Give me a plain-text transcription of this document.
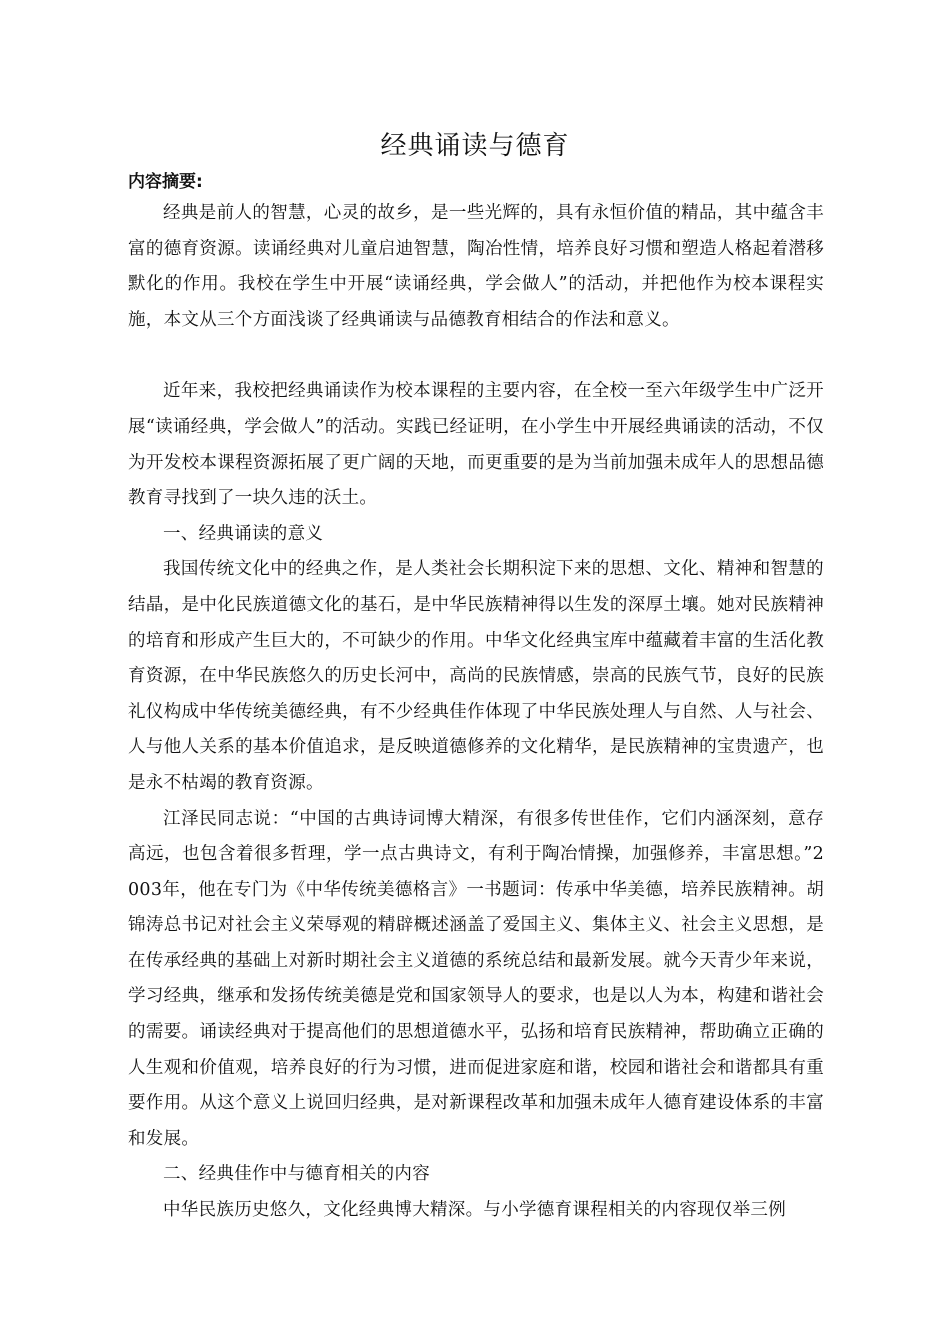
经典诵读与德育
内容摘要:

经典是前人的智慧，心灵的故乡，是一些光辉的，具有永恒价值的精品，其中蕴含丰富的德育资源。读诵经典对儿童启迪智慧，陶冶性情，培养良好习惯和塑造人格起着潜移默化的作用。我校在学生中开展“读诵经典，学会做人”的活动，并把他作为校本课程实施，本文从三个方面浅谈了经典诵读与品德教育相结合的作法和意义。

近年来，我校把经典诵读作为校本课程的主要内容，在全校一至六年级学生中广泛开展“读诵经典，学会做人”的活动。实践已经证明，在小学生中开展经典诵读的活动，不仅为开发校本课程资源拓展了更广阔的天地，而更重要的是为当前加强未成年人的思想品德教育寻找到了一块久违的沃土。

一、经典诵读的意义

我国传统文化中的经典之作，是人类社会长期积淀下来的思想、文化、精神和智慧的结晶，是中化民族道德文化的基石，是中华民族精神得以生发的深厚土壤。她对民族精神的培育和形成产生巨大的，不可缺少的作用。中华文化经典宝库中蕴藏着丰富的生活化教育资源，在中华民族悠久的历史长河中，高尚的民族情感，崇高的民族气节，良好的民族礼仪构成中华传统美德经典，有不少经典佳作体现了中华民族处理人与自然、人与社会、人与他人关系的基本价值追求，是反映道德修养的文化精华，是民族精神的宝贵遗产，也是永不枯竭的教育资源。

江泽民同志说：“中国的古典诗词博大精深，有很多传世佳作，它们内涵深刻，意存高远，也包含着很多哲理，学一点古典诗文，有利于陶冶情操，加强修养，丰富思想。”2003年，他在专门为《中华传统美德格言》一书题词：传承中华美德，培养民族精神。胡锦涛总书记对社会主义荣辱观的精辟概述涵盖了爱国主义、集体主义、社会主义思想，是在传承经典的基础上对新时期社会主义道德的系统总结和最新发展。就今天青少年来说，学习经典，继承和发扬传统美德是党和国家领导人的要求，也是以人为本，构建和谐社会的需要。诵读经典对于提高他们的思想道德水平，弘扬和培育民族精神，帮助确立正确的人生观和价值观，培养良好的行为习惯，进而促进家庭和谐，校园和谐社会和谐都具有重要作用。从这个意义上说回归经典，是对新课程改革和加强未成年人德育建设体系的丰富和发展。

二、经典佳作中与德育相关的内容

中华民族历史悠久，文化经典博大精深。与小学德育课程相关的内容现仅举三例
